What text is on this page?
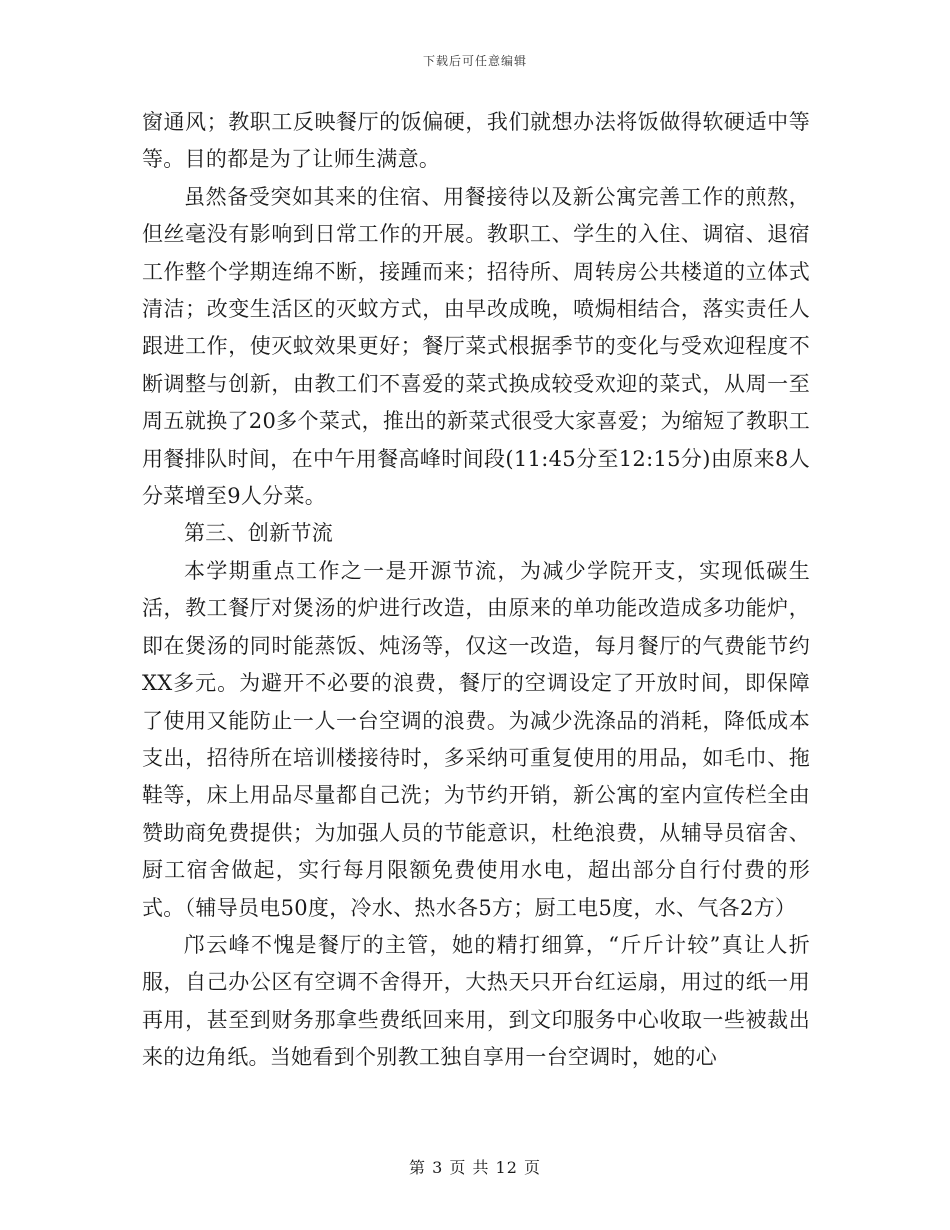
下载后可任意编辑

窗通风；教职工反映餐厅的饭偏硬，我们就想办法将饭做得软硬适中等等。目的都是为了让师生满意。

虽然备受突如其来的住宿、用餐接待以及新公寓完善工作的煎熬，但丝毫没有影响到日常工作的开展。教职工、学生的入住、调宿、退宿工作整个学期连绵不断，接踵而来；招待所、周转房公共楼道的立体式清洁；改变生活区的灭蚊方式，由早改成晚，喷焗相结合，落实责任人跟进工作，使灭蚊效果更好；餐厅菜式根据季节的变化与受欢迎程度不断调整与创新，由教工们不喜爱的菜式换成较受欢迎的菜式，从周一至周五就换了20多个菜式，推出的新菜式很受大家喜爱；为缩短了教职工用餐排队时间，在中午用餐高峰时间段(11:45分至12:15分)由原来8人分菜增至9人分菜。

第三、创新节流

本学期重点工作之一是开源节流，为减少学院开支，实现低碳生活，教工餐厅对煲汤的炉进行改造，由原来的单功能改造成多功能炉，即在煲汤的同时能蒸饭、炖汤等，仅这一改造，每月餐厅的气费能节约XX多元。为避开不必要的浪费，餐厅的空调设定了开放时间，即保障了使用又能防止一人一台空调的浪费。为减少洗涤品的消耗，降低成本支出，招待所在培训楼接待时，多采纳可重复使用的用品，如毛巾、拖鞋等，床上用品尽量都自己洗；为节约开销，新公寓的室内宣传栏全由赞助商免费提供；为加强人员的节能意识，杜绝浪费，从辅导员宿舍、厨工宿舍做起，实行每月限额免费使用水电，超出部分自行付费的形式。（辅导员电50度，冷水、热水各5方；厨工电5度，水、气各2方）

邝云峰不愧是餐厅的主管，她的精打细算，“斤斤计较”真让人折服，自己办公区有空调不舍得开，大热天只开台红运扇，用过的纸一用再用，甚至到财务那拿些费纸回来用，到文印服务中心收取一些被裁出来的边角纸。当她看到个别教工独自享用一台空调时，她的心

第 3 页 共 12 页
